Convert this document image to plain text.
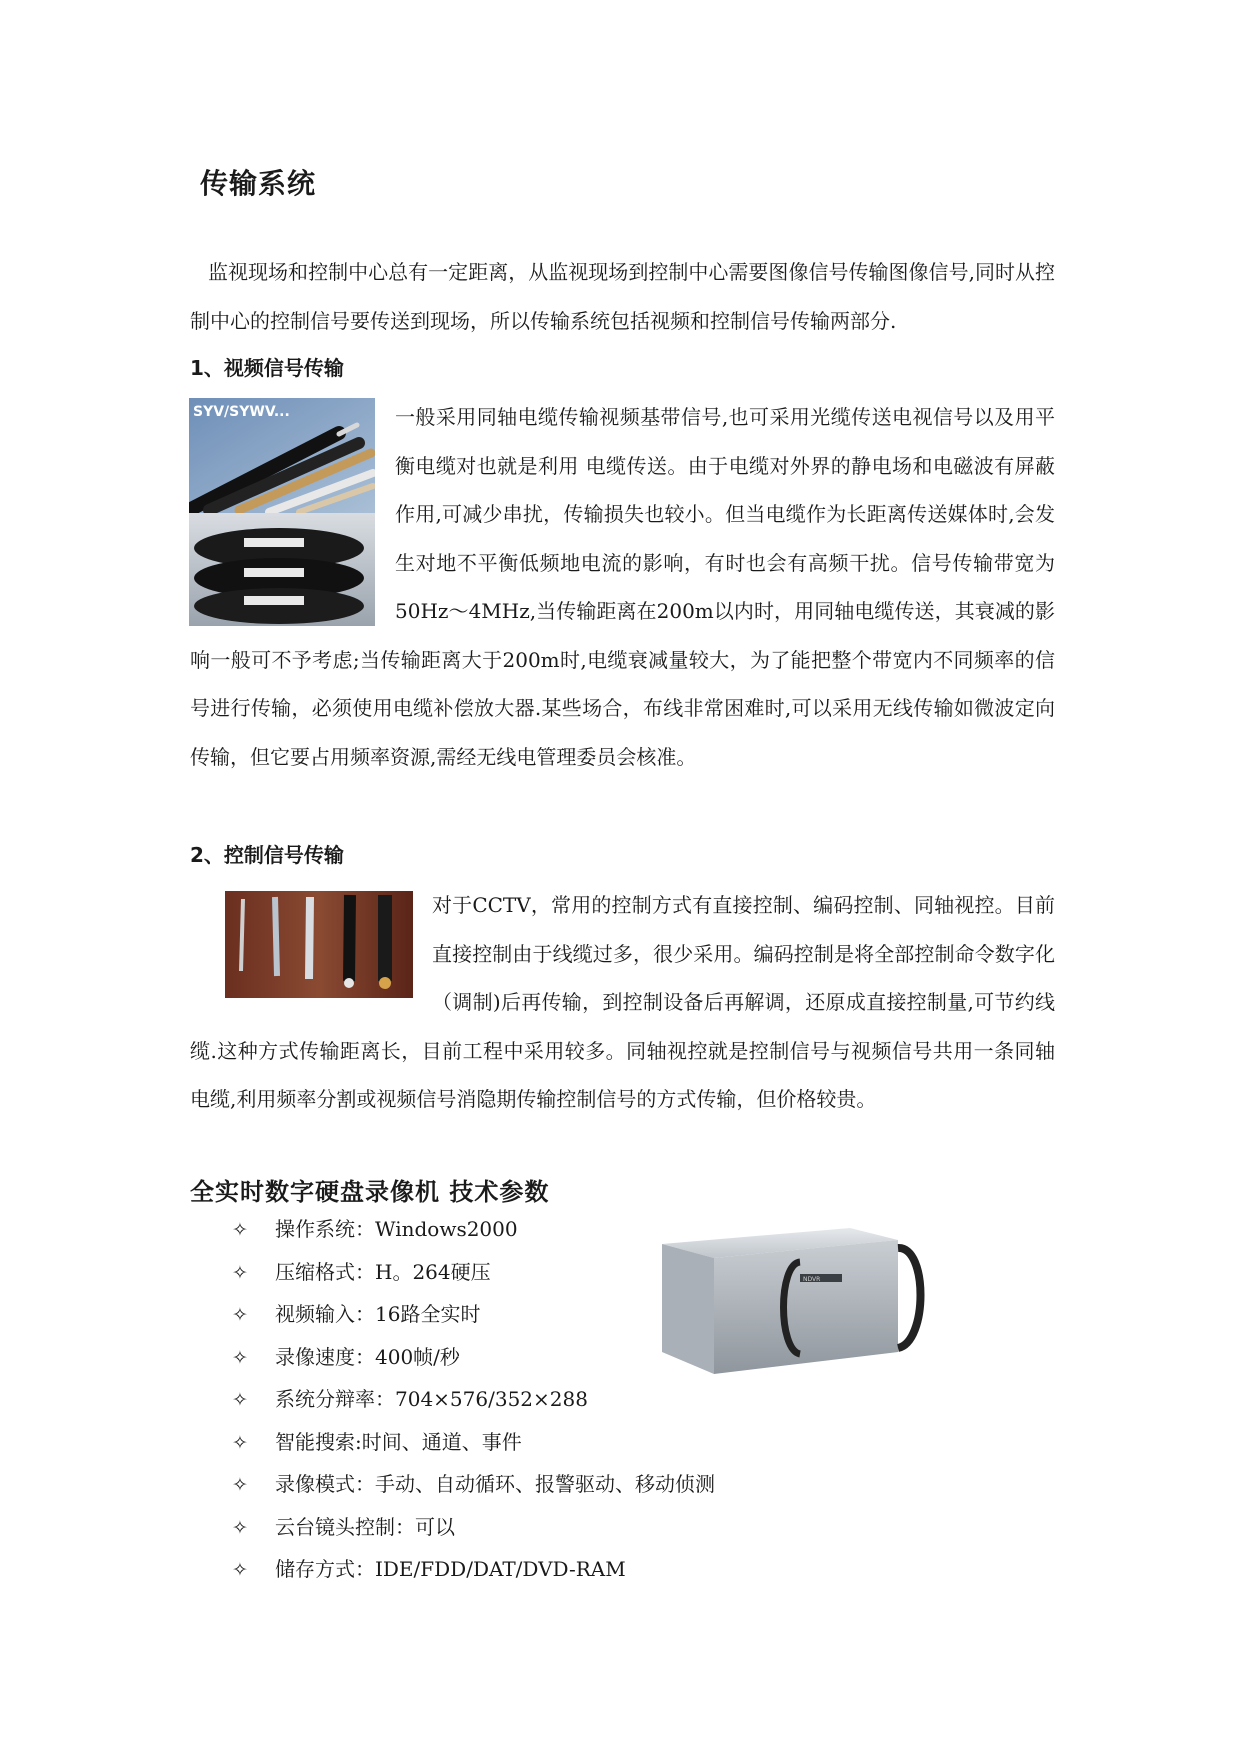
传输系统

监视现场和控制中心总有一定距离，从监视现场到控制中心需要图像信号传输图像信号,同时从控制中心的控制信号要传送到现场，所以传输系统包括视频和控制信号传输两部分.

1、视频信号传输
SYV/SYWV...	一般采用同轴电缆传输视频基带信号,也可采用光缆传送电视信号以及用平衡电缆对也就是利用 电缆传送。由于电缆对外界的静电场和电磁波有屏蔽作用,可减少串扰，传输损失也较小。但当电缆作为长距离传送媒体时,会发生对地不平衡低频地电流的影响，有时也会有高频干扰。信号传输带宽为50Hz～4MHz,当传输距离在200m以内时，用同轴电缆传送，其衰减的影响一般可不予考虑;当传输距离大于200m时,电缆衰减量较大，为了能把整个带宽内不同频率的信号进行传输，必须使用电缆补偿放大器.某些场合，布线非常困难时,可以采用无线传输如微波定向传输，但它要占用频率资源,需经无线电管理委员会核准。

2、控制信号传输

对于CCTV，常用的控制方式有直接控制、编码控制、同轴视控。目前直接控制由于线缆过多，很少采用。编码控制是将全部控制命令数字化（调制)后再传输，到控制设备后再解调，还原成直接控制量,可节约线缆.这种方式传输距离长，目前工程中采用较多。同轴视控就是控制信号与视频信号共用一条同轴电缆,利用频率分割或视频信号消隐期传输控制信号的方式传输，但价格较贵。

全实时数字硬盘录像机 技术参数
✧ 操作系统：Windows2000
✧ 压缩格式：H。264硬压
✧ 视频输入：16路全实时
✧ 录像速度：400帧/秒
✧ 系统分辩率：704×576/352×288
✧ 智能搜索:时间、通道、事件
✧ 录像模式：手动、自动循环、报警驱动、移动侦测
✧ 云台镜头控制：可以
✧ 储存方式：IDE/FDD/DAT/DVD-RAM
NDVR
